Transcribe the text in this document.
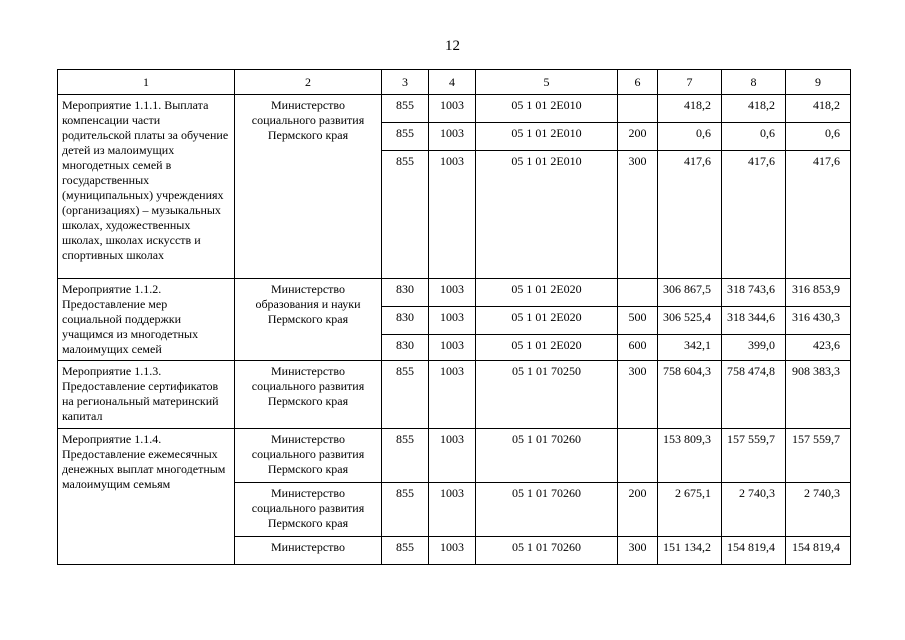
12
1	2	3	4	5	6	7	8	9
Мероприятие 1.1.1. Выплата компенсации части родительской платы за обучение детей из малоимущих многодетных семей в государственных (муниципальных) учреждениях (организациях) – музыкальных школах, художественных школах, школах искусств и спортивных школах	Министерство социального развития Пермского края	855	1003	05 1 01 2Е010		418,2	418,2	418,2
		855	1003	05 1 01 2Е010	200	0,6	0,6	0,6
		855	1003	05 1 01 2Е010	300	417,6	417,6	417,6
Мероприятие 1.1.2. Предоставление мер социальной поддержки учащимся из многодетных малоимущих семей	Министерство образования и науки Пермского края	830	1003	05 1 01 2Е020		306 867,5	318 743,6	316 853,9
		830	1003	05 1 01 2Е020	500	306 525,4	318 344,6	316 430,3
		830	1003	05 1 01 2Е020	600	342,1	399,0	423,6
Мероприятие 1.1.3. Предоставление сертификатов на региональный материнский капитал	Министерство социального развития Пермского края	855	1003	05 1 01 70250	300	758 604,3	758 474,8	908 383,3
Мероприятие 1.1.4. Предоставление ежемесячных денежных выплат многодетным малоимущим семьям	Министерство социального развития Пермского края	855	1003	05 1 01 70260		153 809,3	157 559,7	157 559,7
	Министерство социального развития Пермского края	855	1003	05 1 01 70260	200	2 675,1	2 740,3	2 740,3
	Министерство	855	1003	05 1 01 70260	300	151 134,2	154 819,4	154 819,4
